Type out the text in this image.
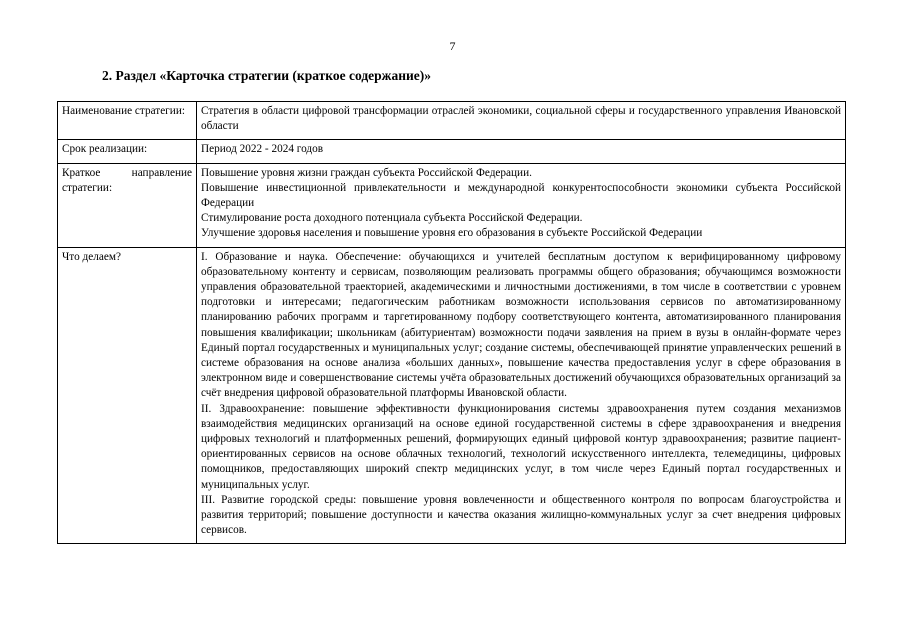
7
2. Раздел «Карточка стратегии (краткое содержание)»
Наименование стратегии:	Стратегия в области цифровой трансформации отраслей экономики, социальной сферы и государственного управления Ивановской области

Срок реализации:	Период 2022 - 2024 годов

Краткое направление стратегии:	Повышение уровня жизни граждан субъекта Российской Федерации.

Повышение инвестиционной привлекательности и международной конкурентоспособности экономики субъекта Российской Федерации

Стимулирование роста доходного потенциала субъекта Российской Федерации.

Улучшение здоровья населения и повышение уровня его образования в субъекте Российской Федерации

Что делаем?	I. Образование и наука. Обеспечение: обучающихся и учителей бесплатным доступом к верифицированному цифровому образовательному контенту и сервисам, позволяющим реализовать программы общего образования; обучающимся возможности управления образовательной траекторией, академическими и личностными достижениями, в том числе в соответствии с уровнем подготовки и интересами; педагогическим работникам возможности использования сервисов по автоматизированному планированию рабочих программ и таргетированному подбору соответствующего контента, автоматизированного планирования повышения квалификации; школьникам (абитуриентам) возможности подачи заявления на прием в вузы в онлайн-формате через Единый портал государственных и муниципальных услуг; создание системы, обеспечивающей принятие управленческих решений в системе образования на основе анализа «больших данных», повышение качества предоставления услуг в сфере образования в электронном виде и совершенствование системы учёта образовательных достижений обучающихся образовательных организаций за счёт внедрения цифровой образовательной платформы Ивановской области.

II. Здравоохранение: повышение эффективности функционирования системы здравоохранения путем создания механизмов взаимодействия медицинских организаций на основе единой государственной системы в сфере здравоохранения и внедрения цифровых технологий и платформенных решений, формирующих единый цифровой контур здравоохранения; развитие пациент-ориентированных сервисов на основе облачных технологий, технологий искусственного интеллекта, телемедицины, цифровых помощников, предоставляющих широкий спектр медицинских услуг, в том числе через Единый портал государственных и муниципальных услуг.

III. Развитие городской среды: повышение уровня вовлеченности и общественного контроля по вопросам благоустройства и развития территорий; повышение доступности и качества оказания жилищно-коммунальных услуг за счет внедрения цифровых сервисов.
